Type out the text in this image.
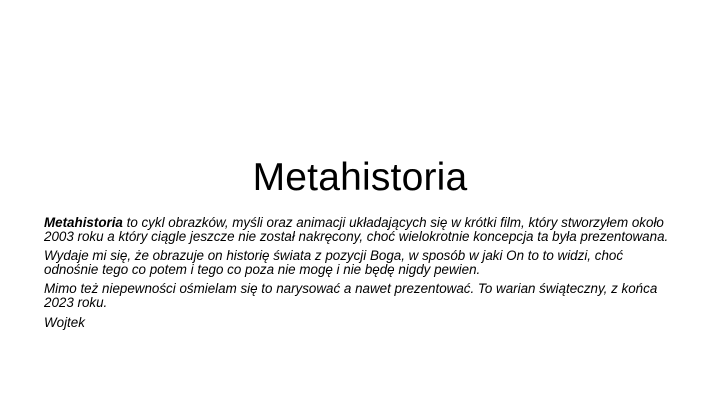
Metahistoria

Metahistoria to cykl obrazków, myśli oraz animacji układających się w krótki film, który stworzyłem około 2003 roku a który ciągle jeszcze nie został nakręcony, choć wielokrotnie koncepcja ta była prezentowana.

Wydaje mi się, że obrazuje on historię świata z pozycji Boga, w sposób w jaki On to to widzi, choć odnośnie tego co potem i tego co poza nie mogę i nie będę nigdy pewien.

Mimo też niepewności ośmielam się to narysować a nawet prezentować. To warian świąteczny, z końca 2023 roku.

Wojtek
